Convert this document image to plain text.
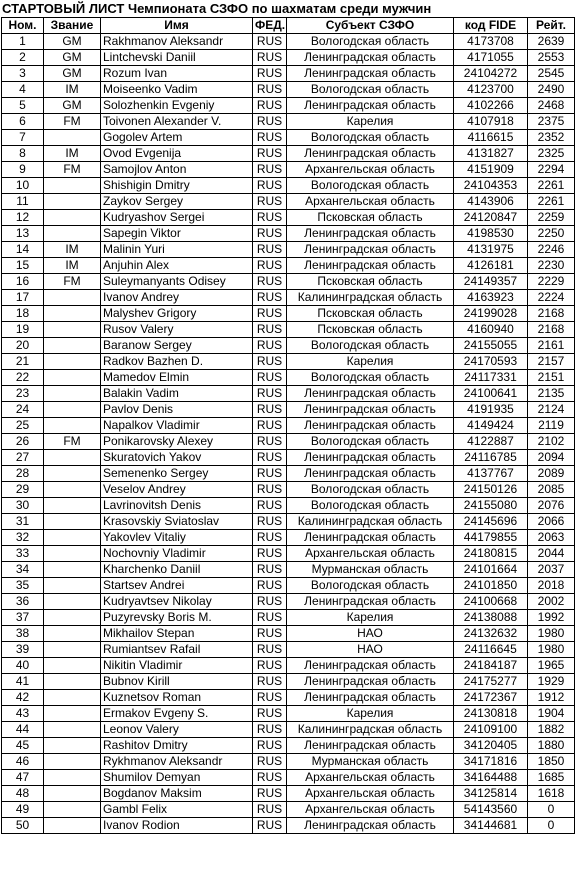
СТАРТОВЫЙ ЛИСТ Чемпионата СЗФО по шахматам среди мужчин
Ном.	Звание	Имя	ФЕД.	Субъект СЗФО	код FIDE	Рейт.
1	GM	Rakhmanov Aleksandr	RUS	Вологодская область	4173708	2639
2	GM	Lintchevski Daniil	RUS	Ленинградская область	4171055	2553
3	GM	Rozum Ivan	RUS	Ленинградская область	24104272	2545
4	IM	Moiseenko Vadim	RUS	Вологодская область	4123700	2490
5	GM	Solozhenkin Evgeniy	RUS	Ленинградская область	4102266	2468
6	FM	Toivonen Alexander V.	RUS	Карелия	4107918	2375
7		Gogolev Artem	RUS	Вологодская область	4116615	2352
8	IM	Ovod Evgenija	RUS	Ленинградская область	4131827	2325
9	FM	Samojlov Anton	RUS	Архангельская область	4151909	2294
10		Shishigin Dmitry	RUS	Вологодская область	24104353	2261
11		Zaykov Sergey	RUS	Архангельская область	4143906	2261
12		Kudryashov Sergei	RUS	Псковская область	24120847	2259
13		Sapegin Viktor	RUS	Ленинградская область	4198530	2250
14	IM	Malinin Yuri	RUS	Ленинградская область	4131975	2246
15	IM	Anjuhin Alex	RUS	Ленинградская область	4126181	2230
16	FM	Suleymanyants Odisey	RUS	Псковская область	24149357	2229
17		Ivanov Andrey	RUS	Калининградская область	4163923	2224
18		Malyshev Grigory	RUS	Псковская область	24199028	2168
19		Rusov Valery	RUS	Псковская область	4160940	2168
20		Baranow Sergey	RUS	Вологодская область	24155055	2161
21		Radkov Bazhen D.	RUS	Карелия	24170593	2157
22		Mamedov Elmin	RUS	Вологодская область	24117331	2151
23		Balakin Vadim	RUS	Ленинградская область	24100641	2135
24		Pavlov Denis	RUS	Ленинградская область	4191935	2124
25		Napalkov Vladimir	RUS	Ленинградская область	4149424	2119
26	FM	Ponikarovsky Alexey	RUS	Вологодская область	4122887	2102
27		Skuratovich Yakov	RUS	Ленинградская область	24116785	2094
28		Semenenko Sergey	RUS	Ленинградская область	4137767	2089
29		Veselov Andrey	RUS	Вологодская область	24150126	2085
30		Lavrinovitsh Denis	RUS	Вологодская область	24155080	2076
31		Krasovskiy Sviatoslav	RUS	Калининградская область	24145696	2066
32		Yakovlev Vitaliy	RUS	Ленинградская область	44179855	2063
33		Nochovniy Vladimir	RUS	Архангельская область	24180815	2044
34		Kharchenko Daniil	RUS	Мурманская область	24101664	2037
35		Startsev Andrei	RUS	Вологодская область	24101850	2018
36		Kudryavtsev Nikolay	RUS	Ленинградская область	24100668	2002
37		Puzyrevsky Boris M.	RUS	Карелия	24138088	1992
38		Mikhailov Stepan	RUS	НАО	24132632	1980
39		Rumiantsev Rafail	RUS	НАО	24116645	1980
40		Nikitin Vladimir	RUS	Ленинградская область	24184187	1965
41		Bubnov Kirill	RUS	Ленинградская область	24175277	1929
42		Kuznetsov Roman	RUS	Ленинградская область	24172367	1912
43		Ermakov Evgeny S.	RUS	Карелия	24130818	1904
44		Leonov Valery	RUS	Калининградская область	24109100	1882
45		Rashitov Dmitry	RUS	Ленинградская область	34120405	1880
46		Rykhmanov Aleksandr	RUS	Мурманская область	34171816	1850
47		Shumilov Demyan	RUS	Архангельская область	34164488	1685
48		Bogdanov Maksim	RUS	Архангельская область	34125814	1618
49		Gambl Felix	RUS	Архангельская область	54143560	0
50		Ivanov Rodion	RUS	Ленинградская область	34144681	0
